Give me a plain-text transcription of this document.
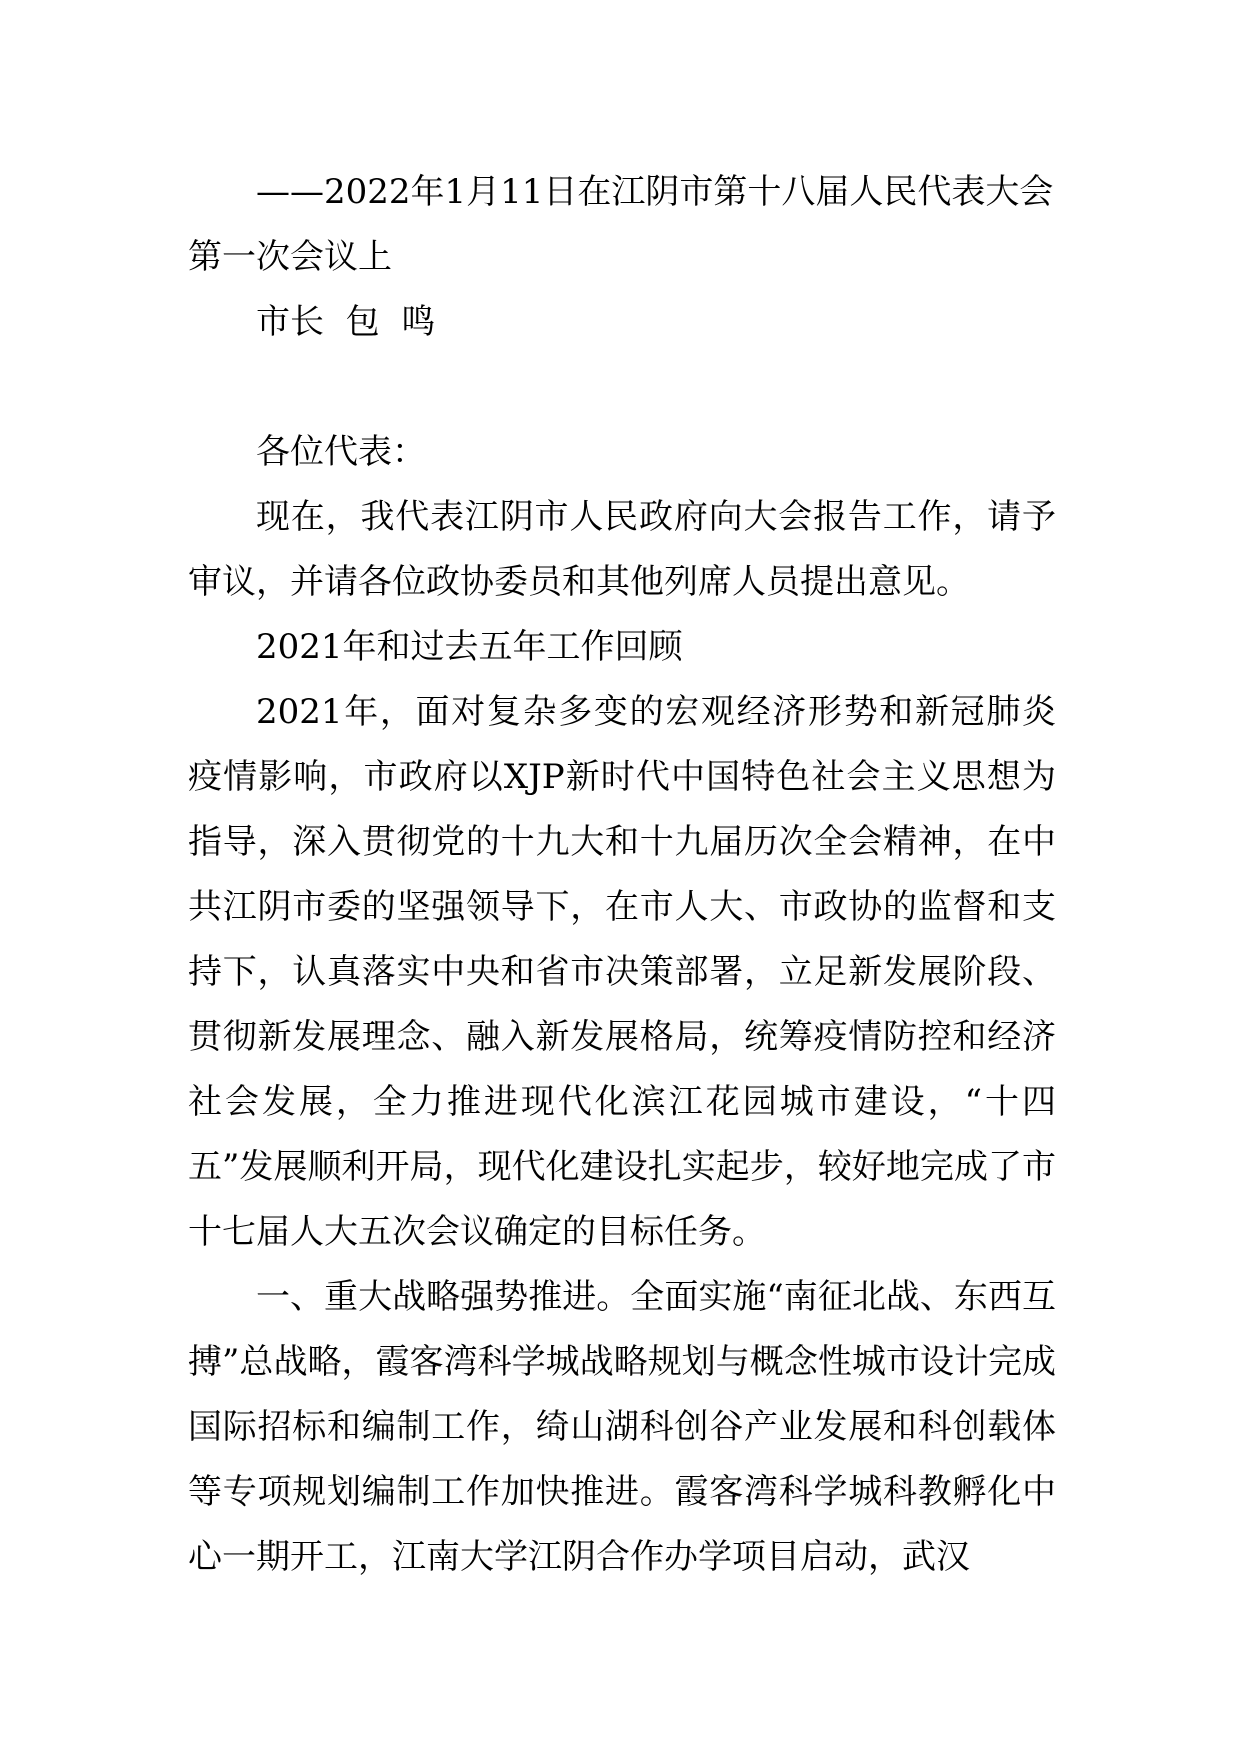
——2022年1月11日在江阴市第十八届人民代表大会第一次会议上

市长  包  鸣

各位代表：

现在，我代表江阴市人民政府向大会报告工作，请予审议，并请各位政协委员和其他列席人员提出意见。

2021年和过去五年工作回顾

2021年，面对复杂多变的宏观经济形势和新冠肺炎疫情影响，市政府以XJP新时代中国特色社会主义思想为指导，深入贯彻党的十九大和十九届历次全会精神，在中共江阴市委的坚强领导下，在市人大、市政协的监督和支持下，认真落实中央和省市决策部署，立足新发展阶段、贯彻新发展理念、融入新发展格局，统筹疫情防控和经济社会发展，全力推进现代化滨江花园城市建设，“十四五”发展顺利开局，现代化建设扎实起步，较好地完成了市十七届人大五次会议确定的目标任务。

一、重大战略强势推进。全面实施“南征北战、东西互搏”总战略，霞客湾科学城战略规划与概念性城市设计完成国际招标和编制工作，绮山湖科创谷产业发展和科创载体等专项规划编制工作加快推进。霞客湾科学城科教孵化中心一期开工，江南大学江阴合作办学项目启动，武汉
